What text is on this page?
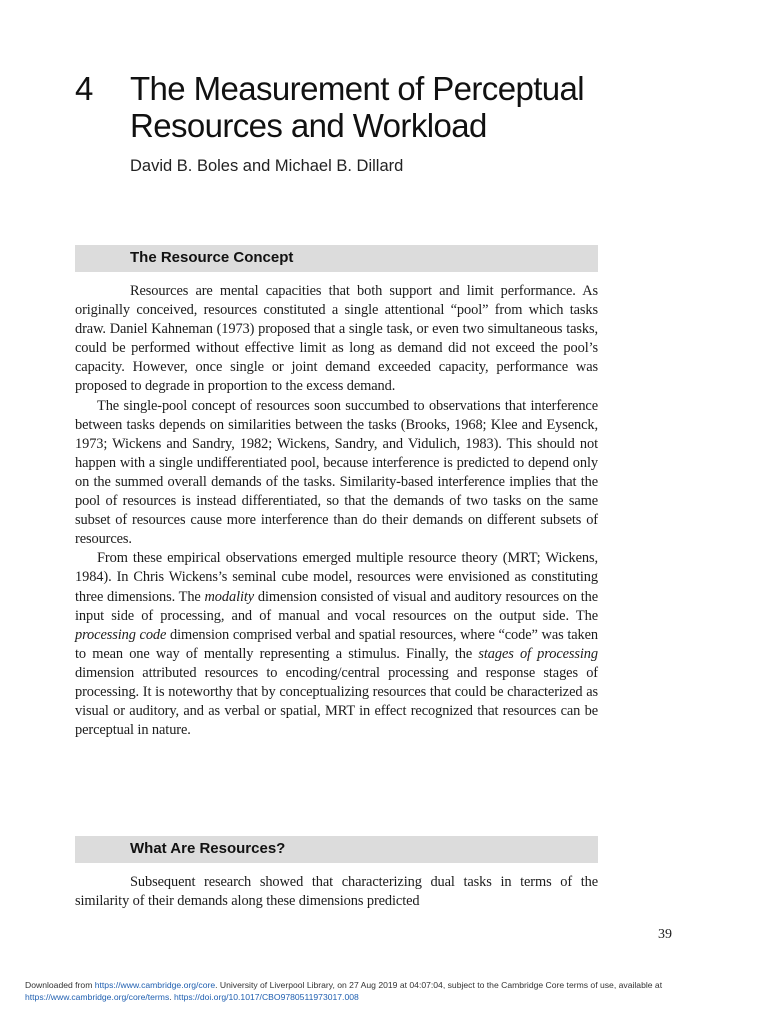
4 The Measurement of Perceptual Resources and Workload
David B. Boles and Michael B. Dillard
The Resource Concept

Resources are mental capacities that both support and limit performance. As originally conceived, resources constituted a single attentional “pool” from which tasks draw. Daniel Kahneman (1973) proposed that a single task, or even two simultaneous tasks, could be performed without effective limit as long as demand did not exceed the pool’s capacity. However, once single or joint demand exceeded capacity, performance was proposed to degrade in proportion to the excess demand.

The single-pool concept of resources soon succumbed to observations that interference between tasks depends on similarities between the tasks (Brooks, 1968; Klee and Eysenck, 1973; Wickens and Sandry, 1982; Wickens, Sandry, and Vidulich, 1983). This should not happen with a single undifferentiated pool, because interference is predicted to depend only on the summed overall demands of the tasks. Similarity-based interference implies that the pool of resources is instead differentiated, so that the demands of two tasks on the same subset of resources cause more interference than do their demands on different subsets of resources.

From these empirical observations emerged multiple resource theory (MRT; Wickens, 1984). In Chris Wickens’s seminal cube model, resources were envisioned as constituting three dimensions. The modality dimension consisted of visual and auditory resources on the input side of processing, and of manual and vocal resources on the output side. The processing code dimension comprised verbal and spatial resources, where “code” was taken to mean one way of mentally representing a stimulus. Finally, the stages of processing dimension attributed resources to encoding/central processing and response stages of processing. It is noteworthy that by conceptualizing resources that could be characterized as visual or auditory, and as verbal or spatial, MRT in effect recognized that resources can be perceptual in nature.

What Are Resources?

Subsequent research showed that characterizing dual tasks in terms of the similarity of their demands along these dimensions predicted

39
Downloaded from https://www.cambridge.org/core. University of Liverpool Library, on 27 Aug 2019 at 04:07:04, subject to the Cambridge Core terms of use, available at https://www.cambridge.org/core/terms. https://doi.org/10.1017/CBO9780511973017.008
